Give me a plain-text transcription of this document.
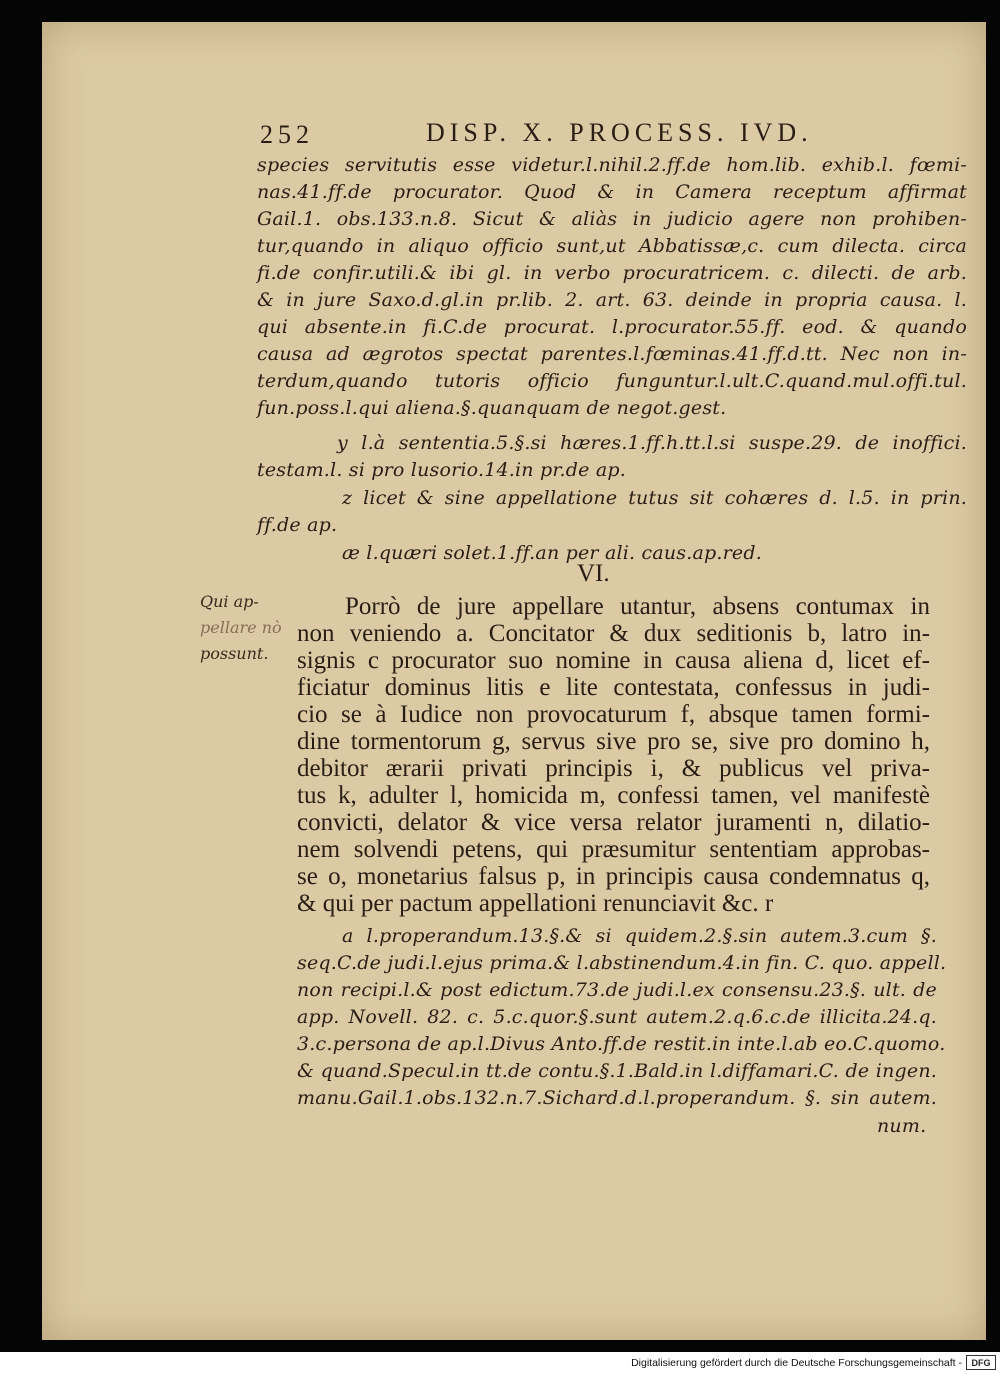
252	DISP. X. PROCESS. IVD.
species servitutis esse videtur.l.nihil.2.ff.de hom.lib. exhib.l. fœmi-
nas.41.ff.de procurator. Quod & in Camera receptum affirmat
Gail.1. obs.133.n.8. Sicut & aliàs in judicio agere non prohiben-
tur,quando in aliquo officio sunt,ut Abbatissæ,c. cum dilecta. circa
fi.de confir.utili.& ibi gl. in verbo procuratricem. c. dilecti. de arb.
& in jure Saxo.d.gl.in pr.lib. 2. art. 63. deinde in propria causa. l.
qui absente.in fi.C.de procurat. l.procurator.55.ff. eod. & quando
causa ad ægrotos spectat parentes.l.fœminas.41.ff.d.tt. Nec non in-
terdum,quando tutoris officio funguntur.l.ult.C.quand.mul.offi.tul.
fun.poss.l.qui aliena.§.quanquam de negot.gest.
y l.à sententia.5.§.si hæres.1.ff.h.tt.l.si suspe.29. de inoffici.
testam.l. si pro lusorio.14.in pr.de ap.
z licet & sine appellatione tutus sit cohæres d. l.5. in prin.
ff.de ap.
æ l.quæri solet.1.ff.an per ali. caus.ap.red.
VI.
Porrò de jure appellare utantur, absens contumax in
non veniendo a. Concitator & dux seditionis b, latro in-
signis c procurator suo nomine in causa aliena d, licet ef-
ficiatur dominus litis e lite contestata, confessus in judi-
cio se à Iudice non provocaturum f, absque tamen formi-
dine tormentorum g, servus sive pro se, sive pro domino h,
debitor ærarii privati principis i, & publicus vel priva-
tus k, adulter l, homicida m, confessi tamen, vel manifestè
convicti, delator & vice versa relator juramenti n, dilatio-
nem solvendi petens, qui præsumitur sententiam approbas-
se o, monetarius falsus p, in principis causa condemnatus q,
& qui per pactum appellationi renunciavit &c. r
a l.properandum.13.§.& si quidem.2.§.sin autem.3.cum §.
seq.C.de judi.l.ejus prima.& l.abstinendum.4.in fin. C. quo. appell.
non recipi.l.& post edictum.73.de judi.l.ex consensu.23.§. ult. de
app. Novell. 82. c. 5.c.quor.§.sunt autem.2.q.6.c.de illicita.24.q.
3.c.persona de ap.l.Divus Anto.ff.de restit.in inte.l.ab eo.C.quomo.
& quand.Specul.in tt.de contu.§.1.Bald.in l.diffamari.C. de ingen.
manu.Gail.1.obs.132.n.7.Sichard.d.l.properandum. §. sin autem.
num.
Qui ap-
pellare nò
possunt.
Digitalisierung gefördert durch die Deutsche Forschungsgemeinschaft -	DFG
